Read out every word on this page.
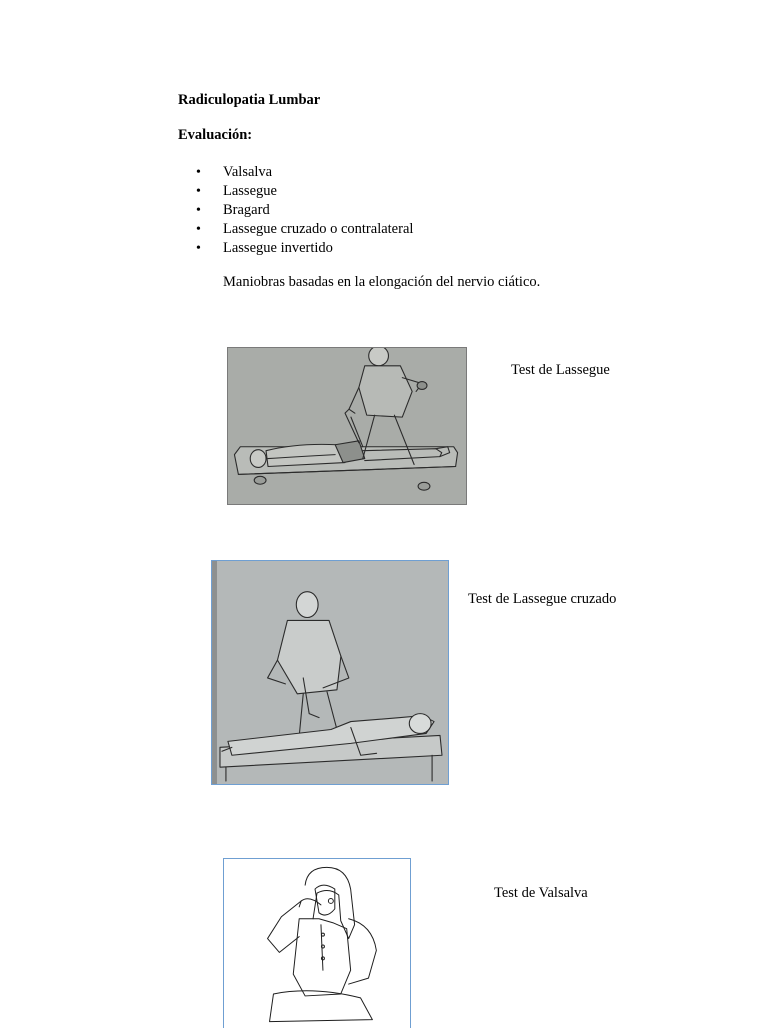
Radiculopatia Lumbar
Evaluación:
• Valsalva
• Lassegue
• Bragard
• Lassegue cruzado o contralateral
• Lassegue invertido
Maniobras basadas en la elongación del nervio ciático.
Test de Lassegue
Test de Lassegue cruzado
Test de Valsalva
